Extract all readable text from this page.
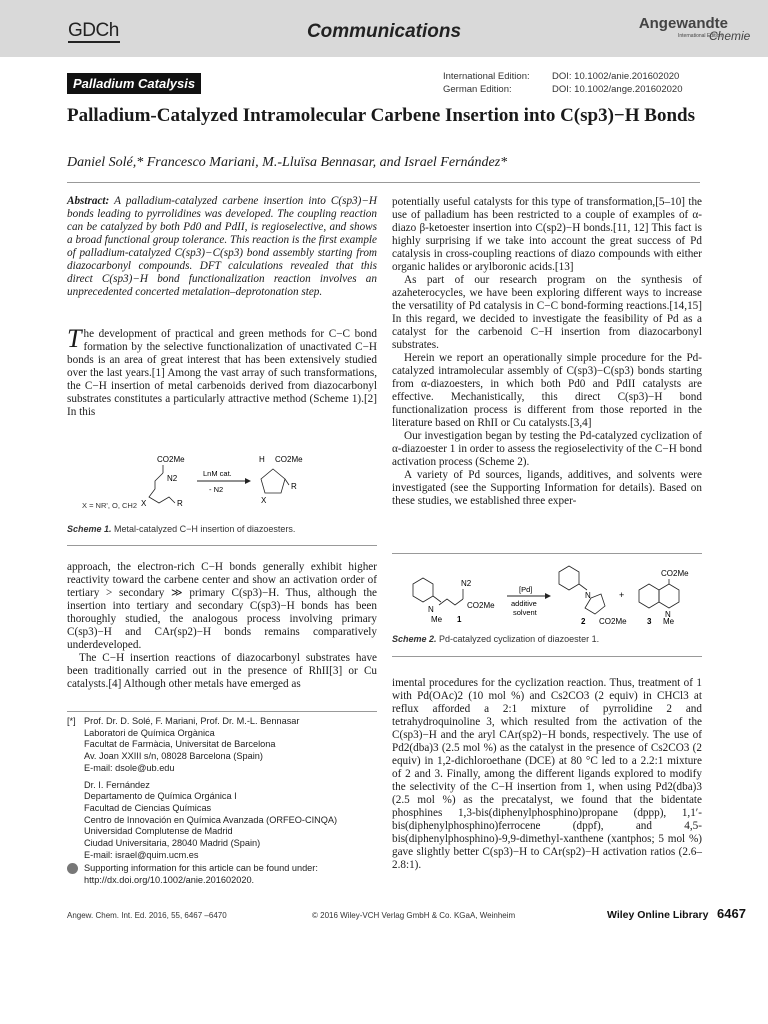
GDCh	Communications	Angewandte
International Edition
Chemie
Palladium Catalysis	International Edition: DOI: 10.1002/anie.201602020
German Edition:	DOI: 10.1002/ange.201602020
Palladium-Catalyzed Intramolecular Carbene Insertion into C(sp3)−H Bonds
Daniel Solé,* Francesco Mariani, M.-Lluïsa Bennasar, and Israel Fernández*

Abstract: A palladium-catalyzed carbene insertion into C(sp3)−H bonds leading to pyrrolidines was developed. The coupling reaction can be catalyzed by both Pd0 and PdII, is regioselective, and shows a broad functional group tolerance. This reaction is the first example of palladium-catalyzed C(sp3)−C(sp3) bond assembly starting from diazocarbonyl compounds. DFT calculations revealed that this direct C(sp3)−H bond functionalization reaction involves an unprecedented concerted metalation–deprotonation step.

The development of practical and green methods for C−C bond formation by the selective functionalization of unactivated C−H bonds is an area of great interest that has been extensively studied over the last years.[1] Among the vast array of such transformations, the C−H insertion of metal carbenoids derived from diazocarbonyl substrates constitutes a particularly attractive method (Scheme 1).[2] In this

CO2Me
N2
X	R
LnM cat.
- N2
H CO2Me
R
X
X = NR', O, CH2
Scheme 1. Metal-catalyzed C−H insertion of diazoesters.

approach, the electron-rich C−H bonds generally exhibit higher reactivity toward the carbene center and show an activation order of tertiary > secondary ≫ primary C(sp3)−H. Thus, although the insertion into tertiary and secondary C(sp3)−H bonds has been thoroughly studied, the analogous process involving primary C(sp3)−H and CAr(sp2)−H bonds remains comparatively underdeveloped.

The C−H insertion reactions of diazocarbonyl substrates have been traditionally carried out in the presence of RhII[3] or Cu catalysts.[4] Although other metals have emerged as

[*] Prof. Dr. D. Solé, F. Mariani, Prof. Dr. M.-L. Bennasar
Laboratori de Química Orgànica
Facultat de Farmàcia, Universitat de Barcelona
Av. Joan XXIII s/n, 08028 Barcelona (Spain)
E-mail: dsole@ub.edu
Dr. I. Fernández
Departamento de Química Orgánica I
Facultad de Ciencias Químicas
Centro de Innovación en Química Avanzada (ORFEO-CINQA)
Universidad Complutense de Madrid
Ciudad Universitaria, 28040 Madrid (Spain)
E-mail: israel@quim.ucm.es
Supporting information for this article can be found under:
http://dx.doi.org/10.1002/anie.201602020.

potentially useful catalysts for this type of transformation,[5–10] the use of palladium has been restricted to a couple of examples of α-diazo β-ketoester insertion into C(sp2)−H bonds.[11, 12] This fact is highly surprising if we take into account the great success of Pd catalysis in cross-coupling reactions of diazo compounds with either organic halides or arylboronic acids.[13]

As part of our research program on the synthesis of azaheterocycles, we have been exploring different ways to increase the versatility of Pd catalysis in C−C bond-forming reactions.[14,15] In this regard, we decided to investigate the feasibility of Pd as a catalyst for the carbenoid C−H insertion from diazocarbonyl substrates.

Herein we report an operationally simple procedure for the Pd-catalyzed intramolecular assembly of C(sp3)−C(sp3) bonds starting from α-diazoesters, in which both Pd0 and PdII catalysts are effective. Mechanistically, this direct C(sp3)−H bond functionalization process is different from those reported in the literature based on RhII or Cu catalysts.[3,4]

Our investigation began by testing the Pd-catalyzed cyclization of α-diazoester 1 in order to assess the regioselectivity of the C−H bond activation process (Scheme 2).

A variety of Pd sources, ligands, additives, and solvents were investigated (see the Supporting Information for details). Based on these studies, we established three exper-

N
Me
N2
CO2Me
1
[Pd]
additive
solvent
N
CO2Me
2
+
CO2Me
N
Me
3
Scheme 2. Pd-catalyzed cyclization of diazoester 1.

imental procedures for the cyclization reaction. Thus, treatment of 1 with Pd(OAc)2 (10 mol %) and Cs2CO3 (2 equiv) in CHCl3 at reflux afforded a 2:1 mixture of pyrrolidine 2 and tetrahydroquinoline 3, which resulted from the activation of the C(sp3)−H and the aryl CAr(sp2)−H bonds, respectively. The use of Pd2(dba)3 (2.5 mol %) as the catalyst in the presence of Cs2CO3 (2 equiv) in 1,2-dichloroethane (DCE) at 80 °C led to a 2.2:1 mixture of 2 and 3. Finally, among the different ligands explored to modify the selectivity of the C−H insertion from 1, when using Pd2(dba)3 (2.5 mol %) as the precatalyst, we found that the bidentate phosphines 1,3-bis(diphenylphosphino)propane (dppp), 1,1′-bis(diphenylphosphino)ferrocene (dppf), and 4,5-bis(diphenylphosphino)-9,9-dimethyl-xanthene (xantphos; 5 mol %) gave slightly better C(sp3)−H to CAr(sp2)−H activation ratios (2.6–2.8:1).

Angew. Chem. Int. Ed. 2016, 55, 6467 –6470	© 2016 Wiley-VCH Verlag GmbH & Co. KGaA, Weinheim	Wiley Online Library 6467
